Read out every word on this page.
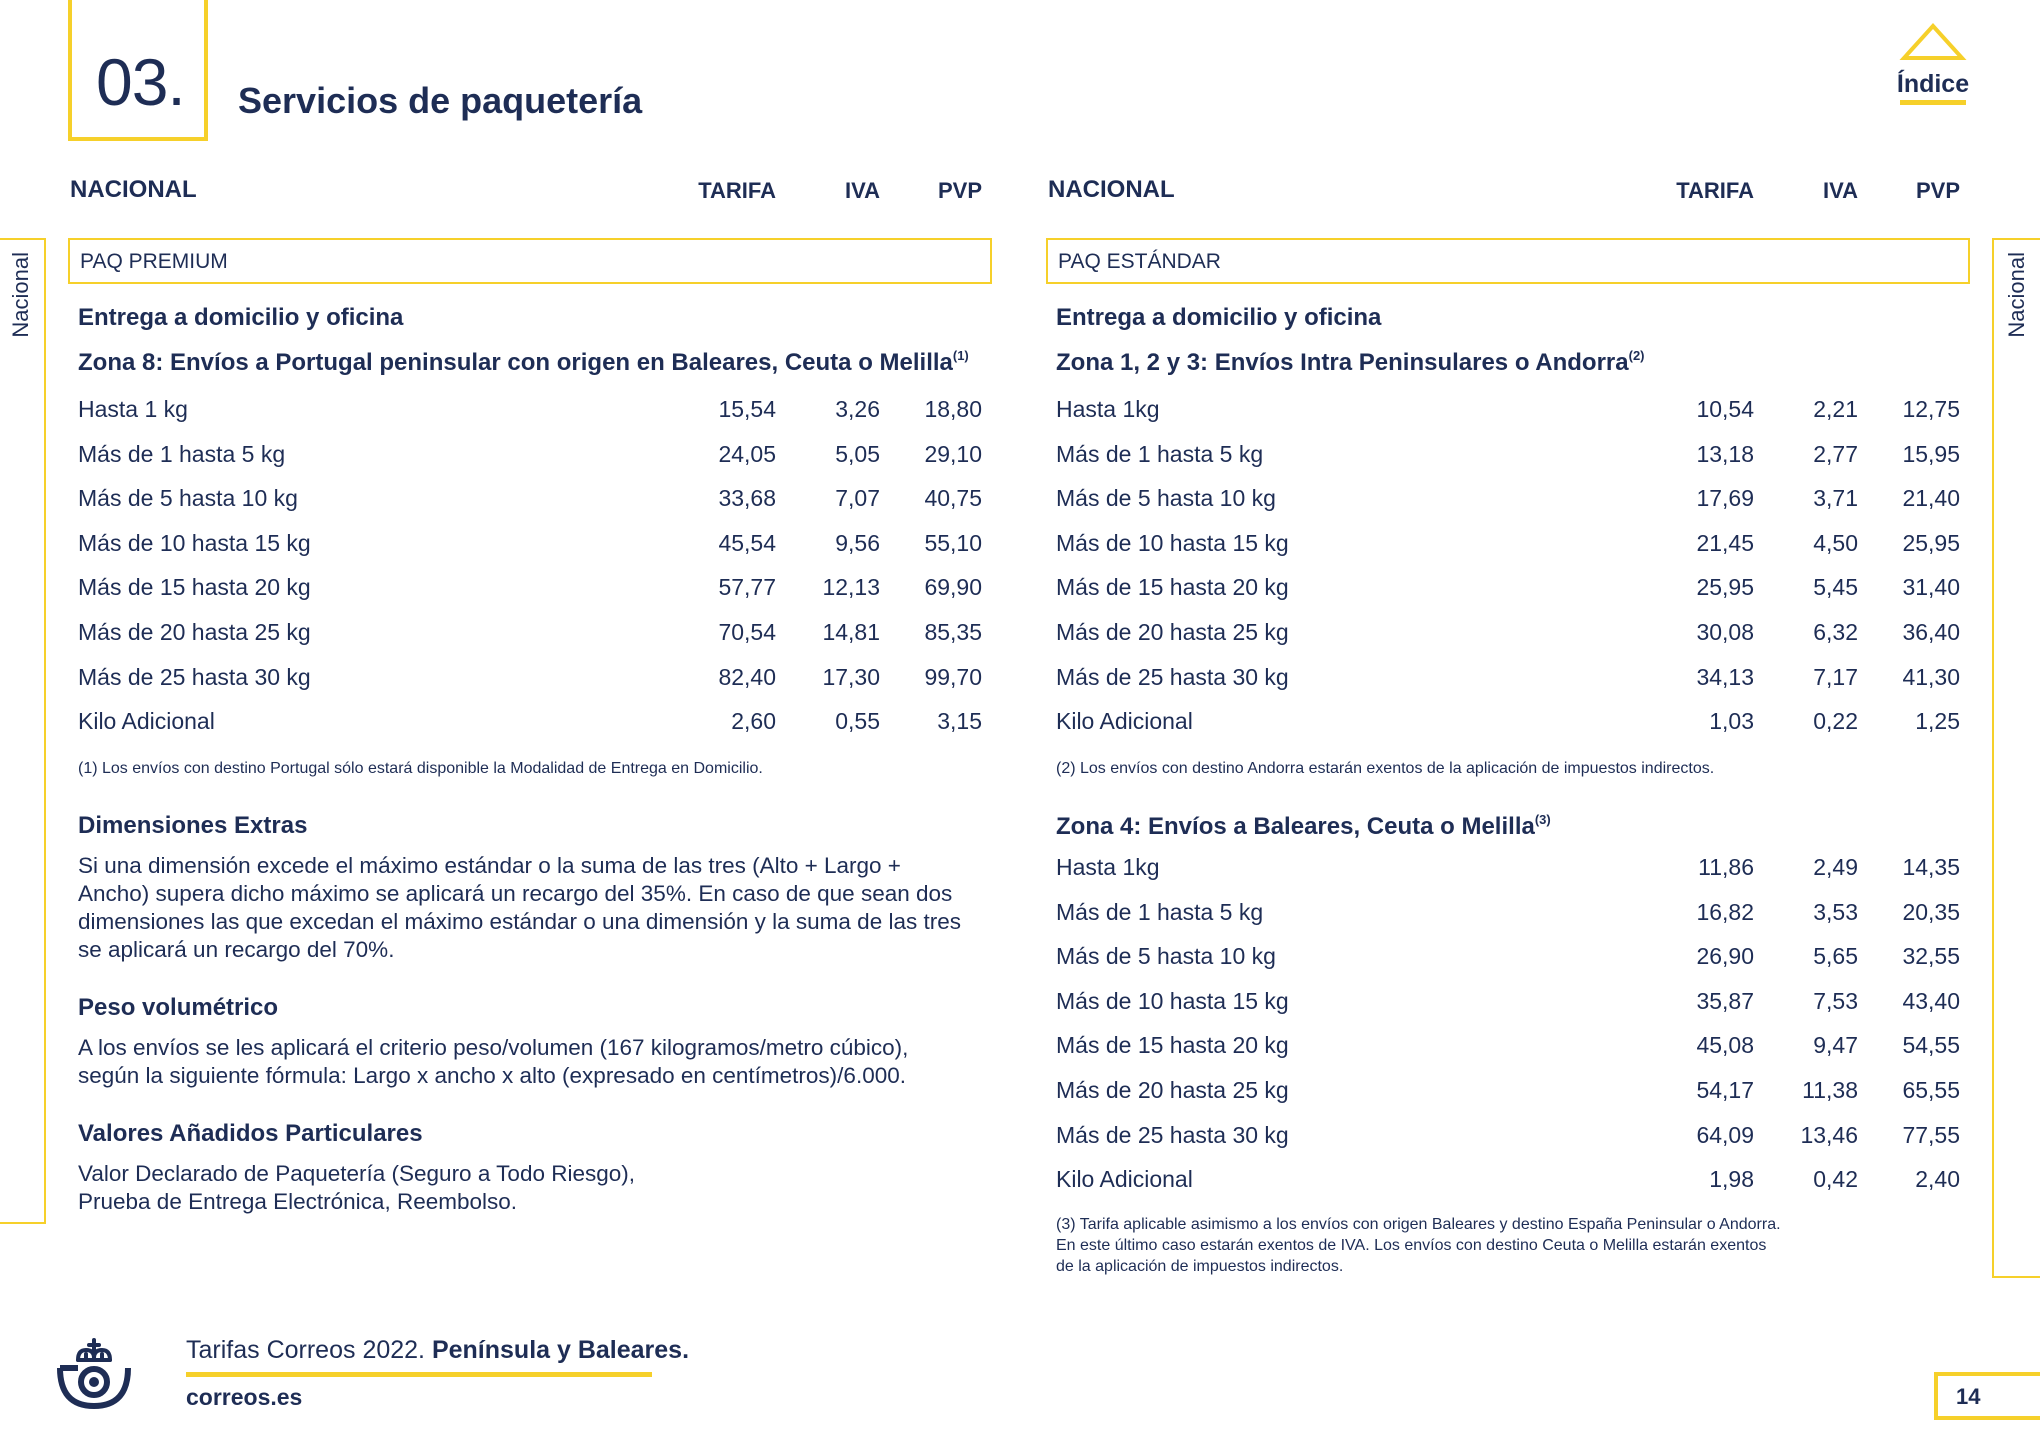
03. Servicios de paquetería	Índice
Nacional	Nacional
NACIONAL	TARIFA	IVA	PVP
PAQ PREMIUM
Entrega a domicilio y oficina
Zona 8: Envíos a Portugal peninsular con origen en Baleares, Ceuta o Melilla$^{(1)}$
Hasta 1 kg	15,54	3,26	18,80
Más de 1 hasta 5 kg	24,05	5,05	29,10
Más de 5 hasta 10 kg	33,68	7,07	40,75
Más de 10 hasta 15 kg	45,54	9,56	55,10
Más de 15 hasta 20 kg	57,77	12,13	69,90
Más de 20 hasta 25 kg	70,54	14,81	85,35
Más de 25 hasta 30 kg	82,40	17,30	99,70
Kilo Adicional	2,60	0,55	3,15
(1) Los envíos con destino Portugal sólo estará disponible la Modalidad de Entrega en Domicilio.
Dimensiones Extras
Si una dimensión excede el máximo estándar o la suma de las tres (Alto + Largo +
Ancho) supera dicho máximo se aplicará un recargo del 35%. En caso de que sean dos
dimensiones las que excedan el máximo estándar o una dimensión y la suma de las tres
se aplicará un recargo del 70%.
Peso volumétrico
A los envíos se les aplicará el criterio peso/volumen (167 kilogramos/metro cúbico),
según la siguiente fórmula: Largo x ancho x alto (expresado en centímetros)/6.000.
Valores Añadidos Particulares
Valor Declarado de Paquetería (Seguro a Todo Riesgo),
Prueba de Entrega Electrónica, Reembolso.
NACIONAL	TARIFA	IVA	PVP
PAQ ESTÁNDAR
Entrega a domicilio y oficina
Zona 1, 2 y 3: Envíos Intra Peninsulares o Andorra$^{(2)}$
Hasta 1kg	10,54	2,21	12,75
Más de 1 hasta 5 kg	13,18	2,77	15,95
Más de 5 hasta 10 kg	17,69	3,71	21,40
Más de 10 hasta 15 kg	21,45	4,50	25,95
Más de 15 hasta 20 kg	25,95	5,45	31,40
Más de 20 hasta 25 kg	30,08	6,32	36,40
Más de 25 hasta 30 kg	34,13	7,17	41,30
Kilo Adicional	1,03	0,22	1,25
(2) Los envíos con destino Andorra estarán exentos de la aplicación de impuestos indirectos.
Zona 4: Envíos a Baleares, Ceuta o Melilla$^{(3)}$
Hasta 1kg	11,86	2,49	14,35
Más de 1 hasta 5 kg	16,82	3,53	20,35
Más de 5 hasta 10 kg	26,90	5,65	32,55
Más de 10 hasta 15 kg	35,87	7,53	43,40
Más de 15 hasta 20 kg	45,08	9,47	54,55
Más de 20 hasta 25 kg	54,17	11,38	65,55
Más de 25 hasta 30 kg	64,09	13,46	77,55
Kilo Adicional	1,98	0,42	2,40
(3) Tarifa aplicable asimismo a los envíos con origen Baleares y destino España Peninsular o Andorra.
En este último caso estarán exentos de IVA. Los envíos con destino Ceuta o Melilla estarán exentos
de la aplicación de impuestos indirectos.
Tarifas Correos 2022. Península y Baleares.
correos.es	14
